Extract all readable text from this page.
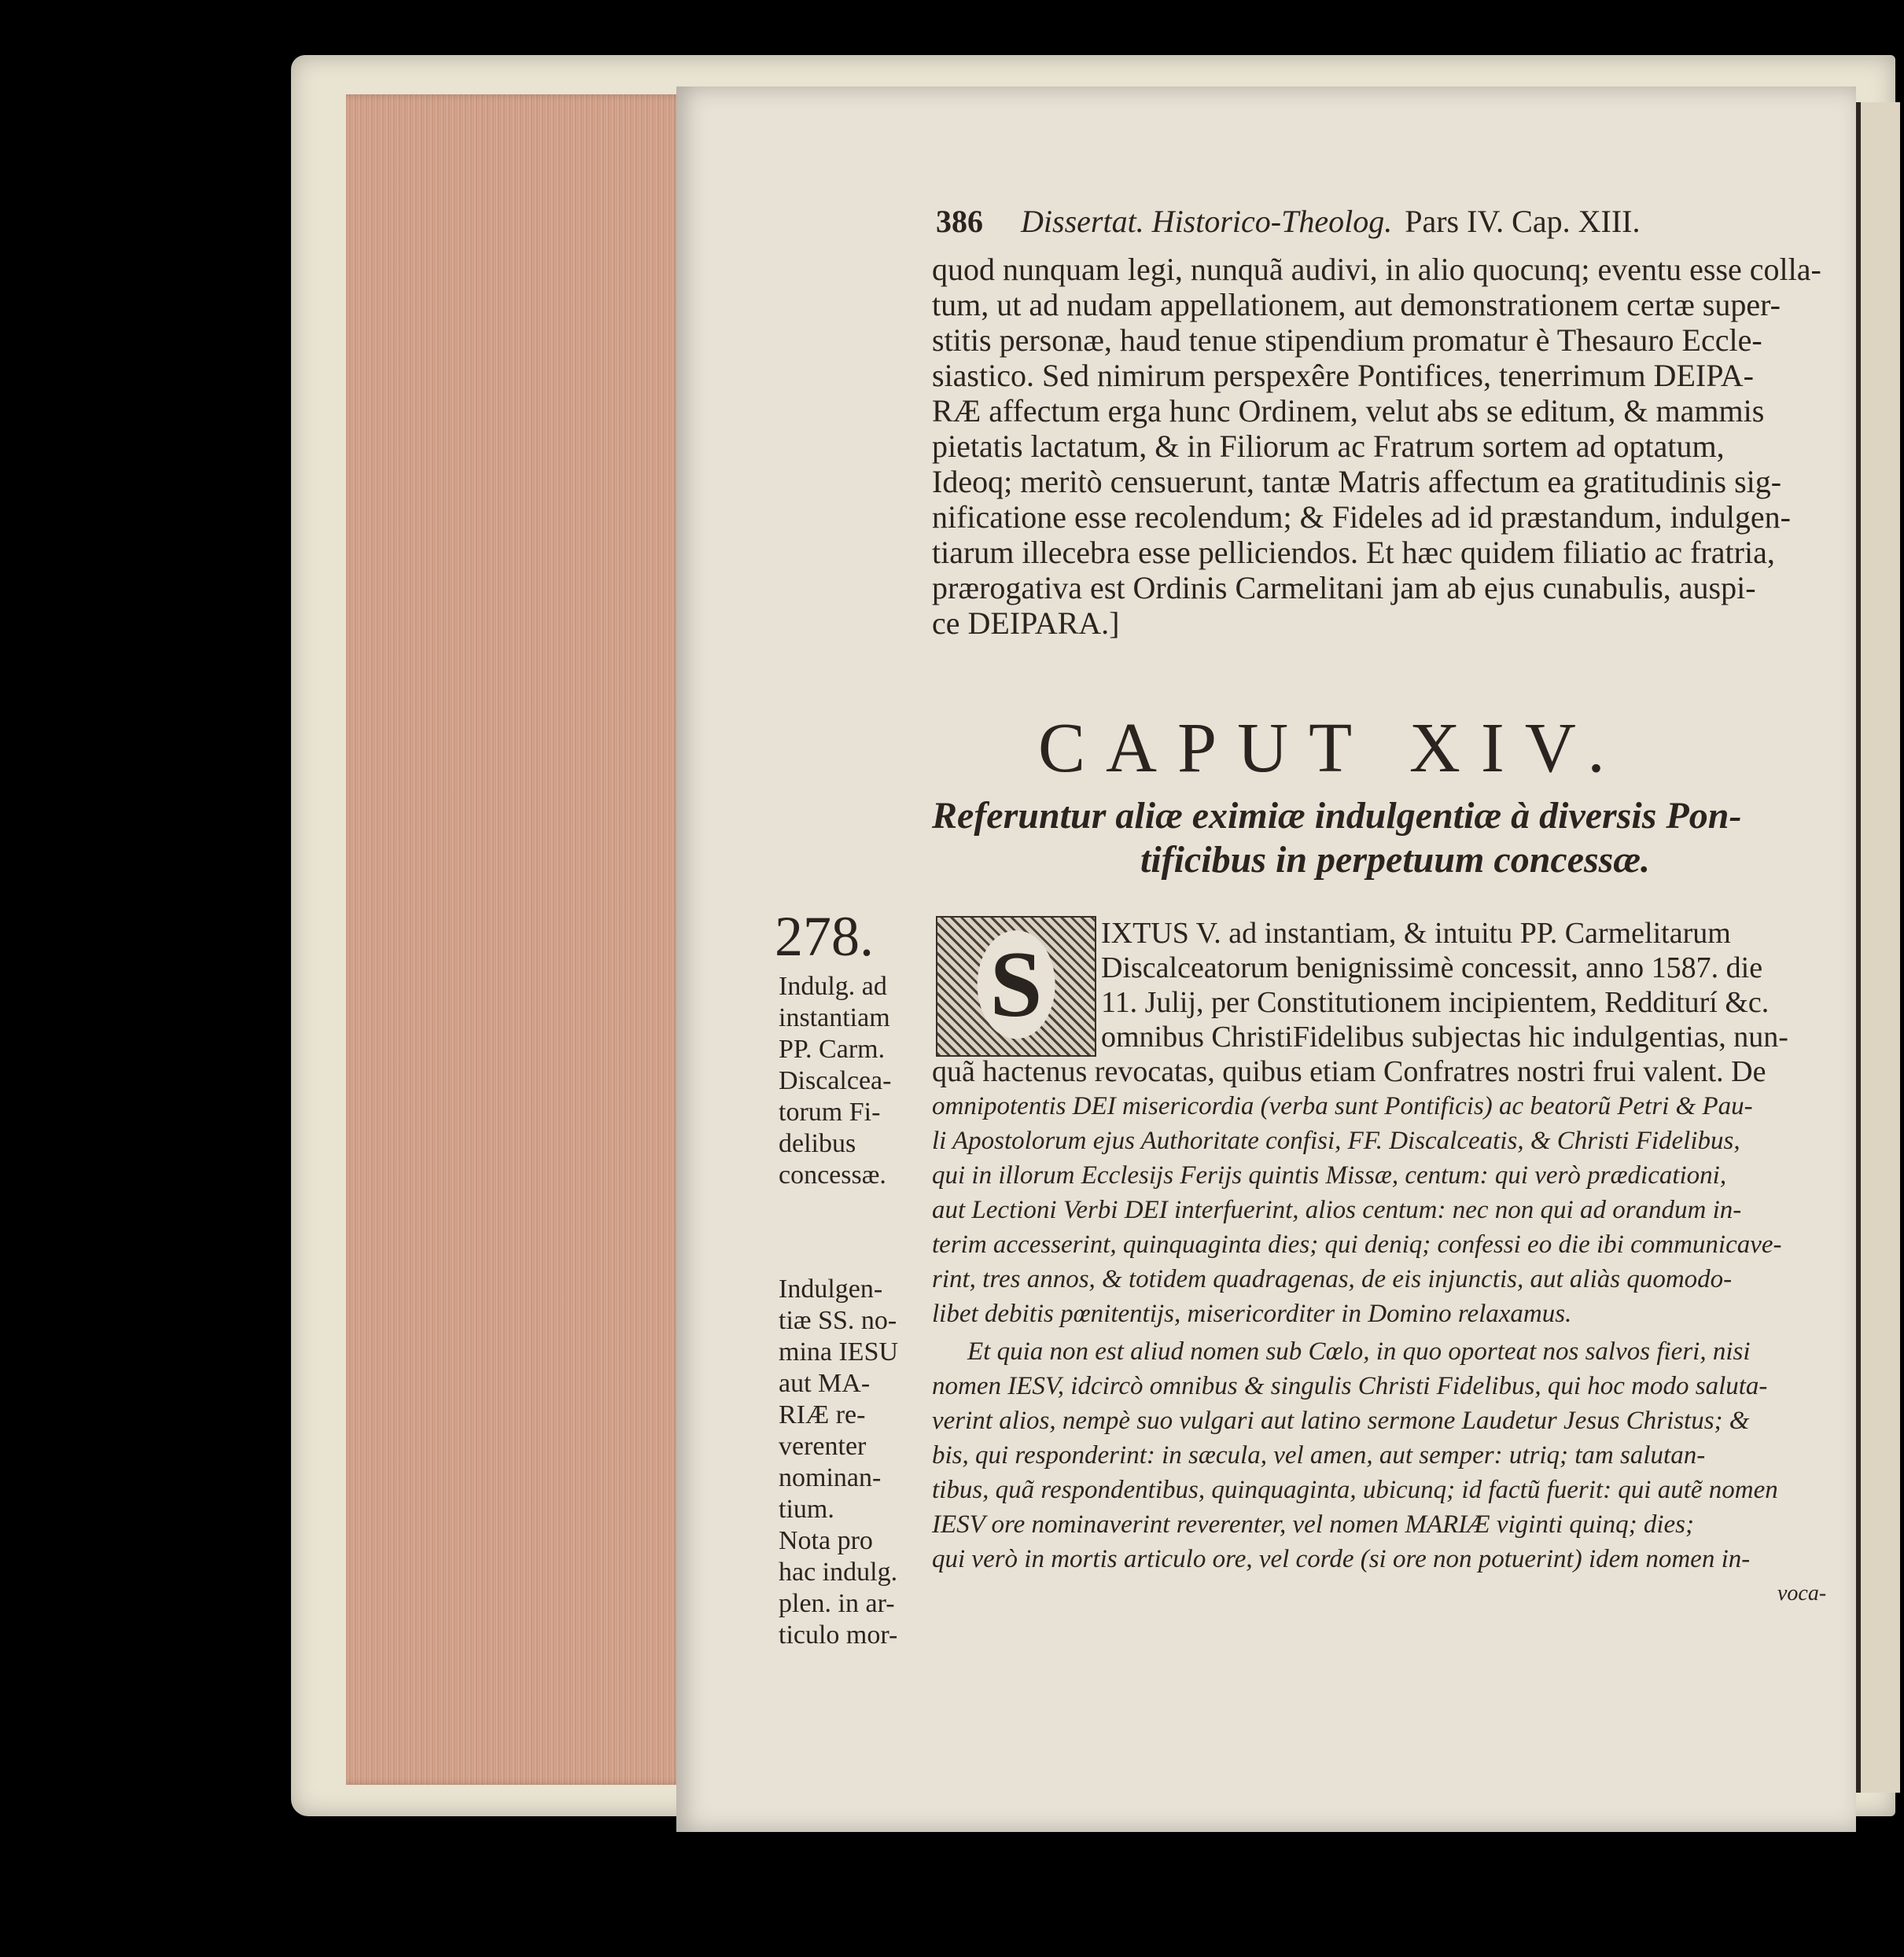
386 Dissertat. Historico-Theolog. Pars IV. Cap. XIII.
quod nunquam legi, nunquã audivi, in alio quocunq; eventu esse colla-
tum, ut ad nudam appellationem, aut demonstrationem certæ super-
stitis personæ, haud tenue stipendium promatur è Thesauro Eccle-
siastico. Sed nimirum perspexêre Pontifices, tenerrimum DEIPA-
RÆ affectum erga hunc Ordinem, velut abs se editum, & mammis
pietatis lactatum, & in Filiorum ac Fratrum sortem ad optatum,
Ideoq; meritò censuerunt, tantæ Matris affectum ea gratitudinis sig-
nificatione esse recolendum; & Fideles ad id præstandum, indulgen-
tiarum illecebra esse pelliciendos. Et hæc quidem filiatio ac fratria,
prærogativa est Ordinis Carmelitani jam ab ejus cunabulis, auspi-
ce DEIPARA.]
CAPUT XIV.
Referuntur aliæ eximiæ indulgentiæ à diversis Pon-
tificibus in perpetuum concessæ.
278.
Indulg. ad
instantiam
PP. Carm.
Discalcea-
torum Fi-
delibus
concessæ.
Indulgen-
tiæ SS. no-
mina IESU
aut MA-
RIÆ re-
verenter
nominan-
tium.
Nota pro
hac indulg.
plen. in ar-
ticulo mor-
S	IXTUS V. ad instantiam, & intuitu PP. Carmelitarum
Discalceatorum benignissimè concessit, anno 1587. die
11. Julij, per Constitutionem incipientem, Redditurí &c.
omnibus ChristiFidelibus subjectas hic indulgentias, nun-
quã hactenus revocatas, quibus etiam Confratres nostri frui valent. De
omnipotentis DEI misericordia (verba sunt Pontificis) ac beatorũ Petri & Pau-
li Apostolorum ejus Authoritate confisi, FF. Discalceatis, & Christi Fidelibus,
qui in illorum Ecclesijs Ferijs quintis Missæ, centum: qui verò prædicationi,
aut Lectioni Verbi DEI interfuerint, alios centum: nec non qui ad orandum in-
terim accesserint, quinquaginta dies; qui deniq; confessi eo die ibi communicave-
rint, tres annos, & totidem quadragenas, de eis injunctis, aut aliàs quomodo-
libet debitis pœnitentijs, misericorditer in Domino relaxamus.
Et quia non est aliud nomen sub Cœlo, in quo oporteat nos salvos fieri, nisi
nomen IESV, idcircò omnibus & singulis Christi Fidelibus, qui hoc modo saluta-
verint alios, nempè suo vulgari aut latino sermone Laudetur Jesus Christus; &
bis, qui responderint: in sæcula, vel amen, aut semper: utriq; tam salutan-
tibus, quã respondentibus, quinquaginta, ubicunq; id factũ fuerit: qui autẽ nomen
IESV ore nominaverint reverenter, vel nomen MARIÆ viginti quinq; dies;
qui verò in mortis articulo ore, vel corde (si ore non potuerint) idem nomen in-
voca-
